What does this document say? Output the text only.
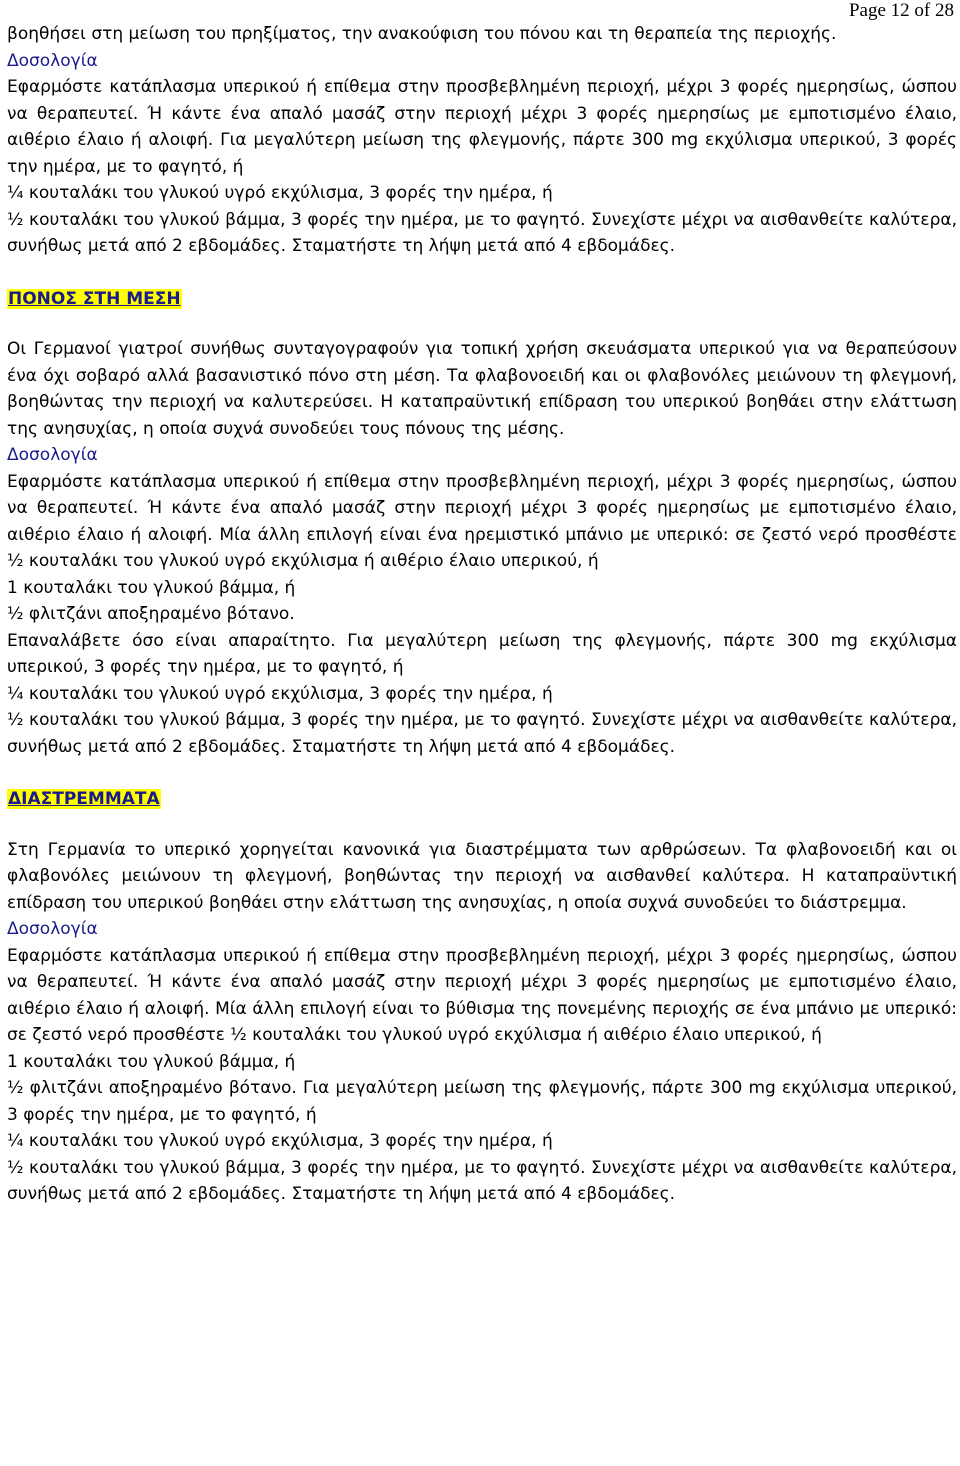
Page 12 of 28

βοηθήσει στη μείωση του πρηξίματος, την ανακούφιση του πόνου και τη θεραπεία της περιοχής.

Δοσολογία

Εφαρμόστε κατάπλασμα υπερικού ή επίθεμα στην προσβεβλημένη περιοχή, μέχρι 3 φορές ημερησίως, ώσπου να θεραπευτεί. Ή κάντε ένα απαλό μασάζ στην περιοχή μέχρι 3 φορές ημερησίως με εμποτισμένο έλαιο, αιθέριο έλαιο ή αλοιφή. Για μεγαλύτερη μείωση της φλεγμονής, πάρτε 300 mg εκχύλισμα υπερικού, 3 φορές την ημέρα, με το φαγητό, ή

¼ κουταλάκι του γλυκού υγρό εκχύλισμα, 3 φορές την ημέρα, ή

½ κουταλάκι του γλυκού βάμμα, 3 φορές την ημέρα, με το φαγητό. Συνεχίστε μέχρι να αισθανθείτε καλύτερα, συνήθως μετά από 2 εβδομάδες. Σταματήστε τη λήψη μετά από 4 εβδομάδες.

ΠΟΝΟΣ ΣΤΗ ΜΕΣΗ

Οι Γερμανοί γιατροί συνήθως συνταγογραφούν για τοπική χρήση σκευάσματα υπερικού για να θεραπεύσουν ένα όχι σοβαρό αλλά βασανιστικό πόνο στη μέση. Τα φλαβονοειδή και οι φλαβονόλες μειώνουν τη φλεγμονή, βοηθώντας την περιοχή να καλυτερεύσει. Η καταπραϋντική επίδραση του υπερικού βοηθάει στην ελάττωση της ανησυχίας, η οποία συχνά συνοδεύει τους πόνους της μέσης.

Δοσολογία

Εφαρμόστε κατάπλασμα υπερικού ή επίθεμα στην προσβεβλημένη περιοχή, μέχρι 3 φορές ημερησίως, ώσπου να θεραπευτεί. Ή κάντε ένα απαλό μασάζ στην περιοχή μέχρι 3 φορές ημερησίως με εμποτισμένο έλαιο, αιθέριο έλαιο ή αλοιφή. Μία άλλη επιλογή είναι ένα ηρεμιστικό μπάνιο με υπερικό: σε ζεστό νερό προσθέστε ½ κουταλάκι του γλυκού υγρό εκχύλισμα ή αιθέριο έλαιο υπερικού, ή

1 κουταλάκι του γλυκού βάμμα, ή

½ φλιτζάνι αποξηραμένο βότανο.

Επαναλάβετε όσο είναι απαραίτητο. Για μεγαλύτερη μείωση της φλεγμονής, πάρτε 300 mg εκχύλισμα υπερικού, 3 φορές την ημέρα, με το φαγητό, ή

¼ κουταλάκι του γλυκού υγρό εκχύλισμα, 3 φορές την ημέρα, ή

½ κουταλάκι του γλυκού βάμμα, 3 φορές την ημέρα, με το φαγητό. Συνεχίστε μέχρι να αισθανθείτε καλύτερα, συνήθως μετά από 2 εβδομάδες. Σταματήστε τη λήψη μετά από 4 εβδομάδες.

ΔΙΑΣΤΡΕΜΜΑΤΑ

Στη Γερμανία το υπερικό χορηγείται κανονικά για διαστρέμματα των αρθρώσεων. Τα φλαβονοειδή και οι φλαβονόλες μειώνουν τη φλεγμονή, βοηθώντας την περιοχή να αισθανθεί καλύτερα. Η καταπραϋντική επίδραση του υπερικού βοηθάει στην ελάττωση της ανησυχίας, η οποία συχνά συνοδεύει το διάστρεμμα.

Δοσολογία

Εφαρμόστε κατάπλασμα υπερικού ή επίθεμα στην προσβεβλημένη περιοχή, μέχρι 3 φορές ημερησίως, ώσπου να θεραπευτεί. Ή κάντε ένα απαλό μασάζ στην περιοχή μέχρι 3 φορές ημερησίως με εμποτισμένο έλαιο, αιθέριο έλαιο ή αλοιφή. Μία άλλη επιλογή είναι το βύθισμα της πονεμένης περιοχής σε ένα μπάνιο με υπερικό: σε ζεστό νερό προσθέστε ½ κουταλάκι του γλυκού υγρό εκχύλισμα ή αιθέριο έλαιο υπερικού, ή

1 κουταλάκι του γλυκού βάμμα, ή

½ φλιτζάνι αποξηραμένο βότανο. Για μεγαλύτερη μείωση της φλεγμονής, πάρτε 300 mg εκχύλισμα υπερικού, 3 φορές την ημέρα, με το φαγητό, ή

¼ κουταλάκι του γλυκού υγρό εκχύλισμα, 3 φορές την ημέρα, ή

½ κουταλάκι του γλυκού βάμμα, 3 φορές την ημέρα, με το φαγητό. Συνεχίστε μέχρι να αισθανθείτε καλύτερα, συνήθως μετά από 2 εβδομάδες. Σταματήστε τη λήψη μετά από 4 εβδομάδες.
